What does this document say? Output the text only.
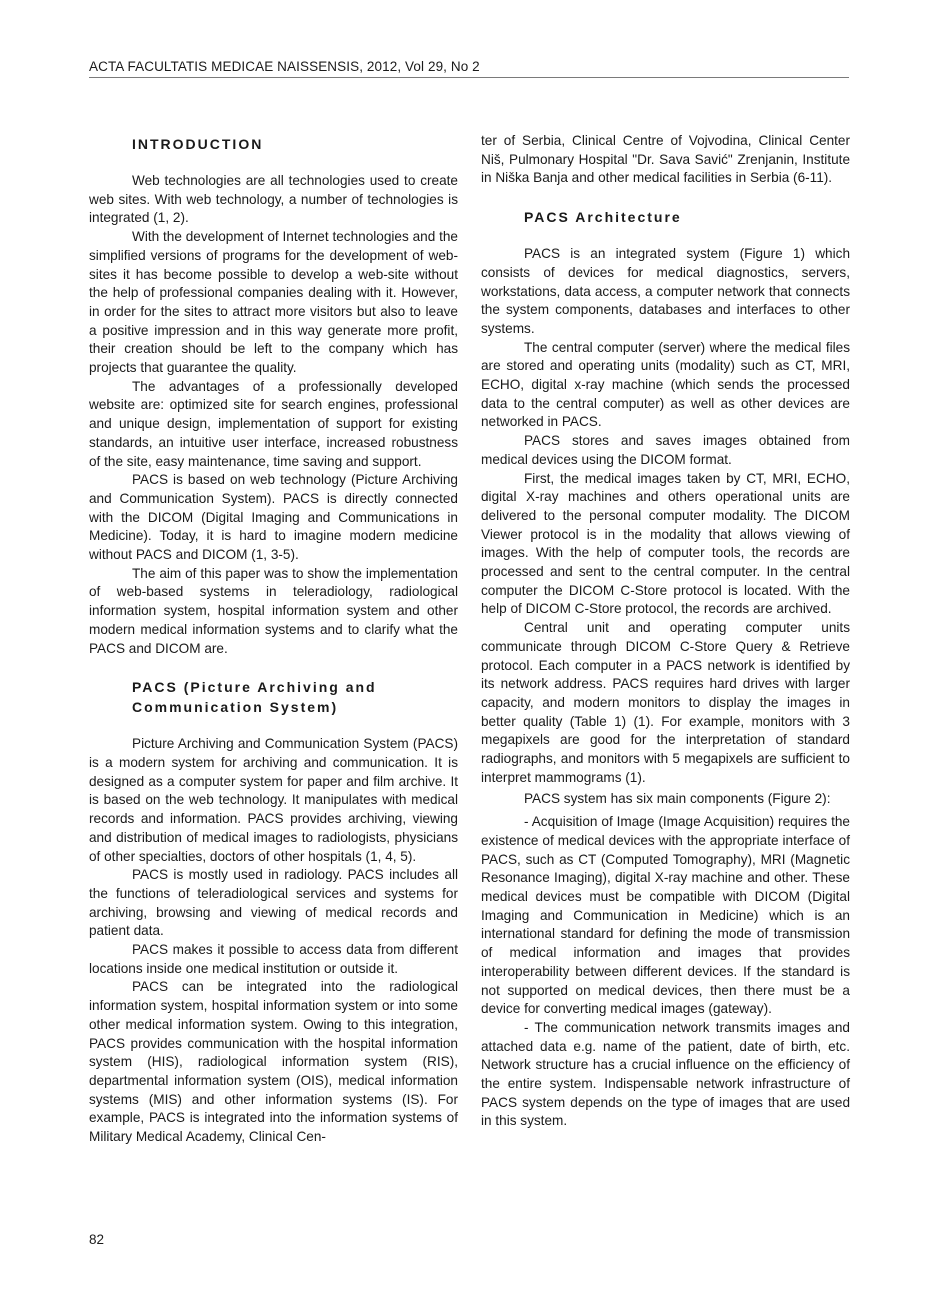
ACTA FACULTATIS MEDICAE NAISSENSIS, 2012, Vol 29, No 2
INTRODUCTION

Web technologies are all technologies used to create web sites. With web technology, a number of technologies is integrated (1, 2).

With the development of Internet technologies and the simplified versions of programs for the development of web-sites it has become possible to develop a web-site without the help of professional companies dealing with it. However, in order for the sites to attract more visitors but also to leave a positive impression and in this way generate more profit, their creation should be left to the company which has projects that guarantee the quality.

The advantages of a professionally developed website are: optimized site for search engines, professional and unique design, implementation of support for existing standards, an intuitive user interface, increased robustness of the site, easy maintenance, time saving and support.

PACS is based on web technology (Picture Archiving and Communication System). PACS is directly connected with the DICOM (Digital Imaging and Communications in Medicine). Today, it is hard to imagine modern medicine without PACS and DICOM (1, 3-5).

The aim of this paper was to show the implementation of web-based systems in teleradiology, radiological information system, hospital information system and other modern medical information systems and to clarify what the PACS and DICOM are.

PACS (Picture Archiving and
Communication System)

Picture Archiving and Communication System (PACS) is a modern system for archiving and communication. It is designed as a computer system for paper and film archive. It is based on the web technology. It manipulates with medical records and information. PACS provides archiving, viewing and distribution of medical images to radiologists, physicians of other specialties, doctors of other hospitals (1, 4, 5).

PACS is mostly used in radiology. PACS includes all the functions of teleradiological services and systems for archiving, browsing and viewing of medical records and patient data.

PACS makes it possible to access data from different locations inside one medical institution or outside it.

PACS can be integrated into the radiological information system, hospital information system or into some other medical information system. Owing to this integration, PACS provides communication with the hospital information system (HIS), radiological information system (RIS), departmental information system (OIS), medical information systems (MIS) and other information systems (IS). For example, PACS is integrated into the information systems of Military Medical Academy, Clinical Cen-

ter of Serbia, Clinical Centre of Vojvodina, Clinical Center Niš, Pulmonary Hospital "Dr. Sava Savić" Zrenjanin, Institute in Niška Banja and other medical facilities in Serbia (6-11).

PACS Architecture

PACS is an integrated system (Figure 1) which consists of devices for medical diagnostics, servers, workstations, data access, a computer network that connects the system components, databases and interfaces to other systems.

The central computer (server) where the medical files are stored and operating units (modality) such as CT, MRI, ECHO, digital x-ray machine (which sends the processed data to the central computer) as well as other devices are networked in PACS.

PACS stores and saves images obtained from medical devices using the DICOM format.

First, the medical images taken by CT, MRI, ECHO, digital X-ray machines and others operational units are delivered to the personal computer modality. The DICOM Viewer protocol is in the modality that allows viewing of images. With the help of computer tools, the records are processed and sent to the central computer. In the central computer the DICOM C-Store protocol is located. With the help of DICOM C-Store protocol, the records are archived.

Central unit and operating computer units communicate through DICOM C-Store Query & Retrieve protocol. Each computer in a PACS network is identified by its network address. PACS requires hard drives with larger capacity, and modern monitors to display the images in better quality (Table 1) (1). For example, monitors with 3 megapixels are good for the interpretation of standard radiographs, and monitors with 5 megapixels are sufficient to interpret mammograms (1).

PACS system has six main components (Figure 2):

- Acquisition of Image (Image Acquisition) requires the existence of medical devices with the appropriate interface of PACS, such as CT (Computed Tomography), MRI (Magnetic Resonance Imaging), digital X-ray machine and other. These medical devices must be compatible with DICOM (Digital Imaging and Communication in Medicine) which is an international standard for defining the mode of transmission of medical information and images that provides interoperability between different devices. If the standard is not supported on medical devices, then there must be a device for converting medical images (gateway).

- The communication network transmits images and attached data e.g. name of the patient, date of birth, etc. Network structure has a crucial influence on the efficiency of the entire system. Indispensable network infrastructure of PACS system depends on the type of images that are used in this system.

82
